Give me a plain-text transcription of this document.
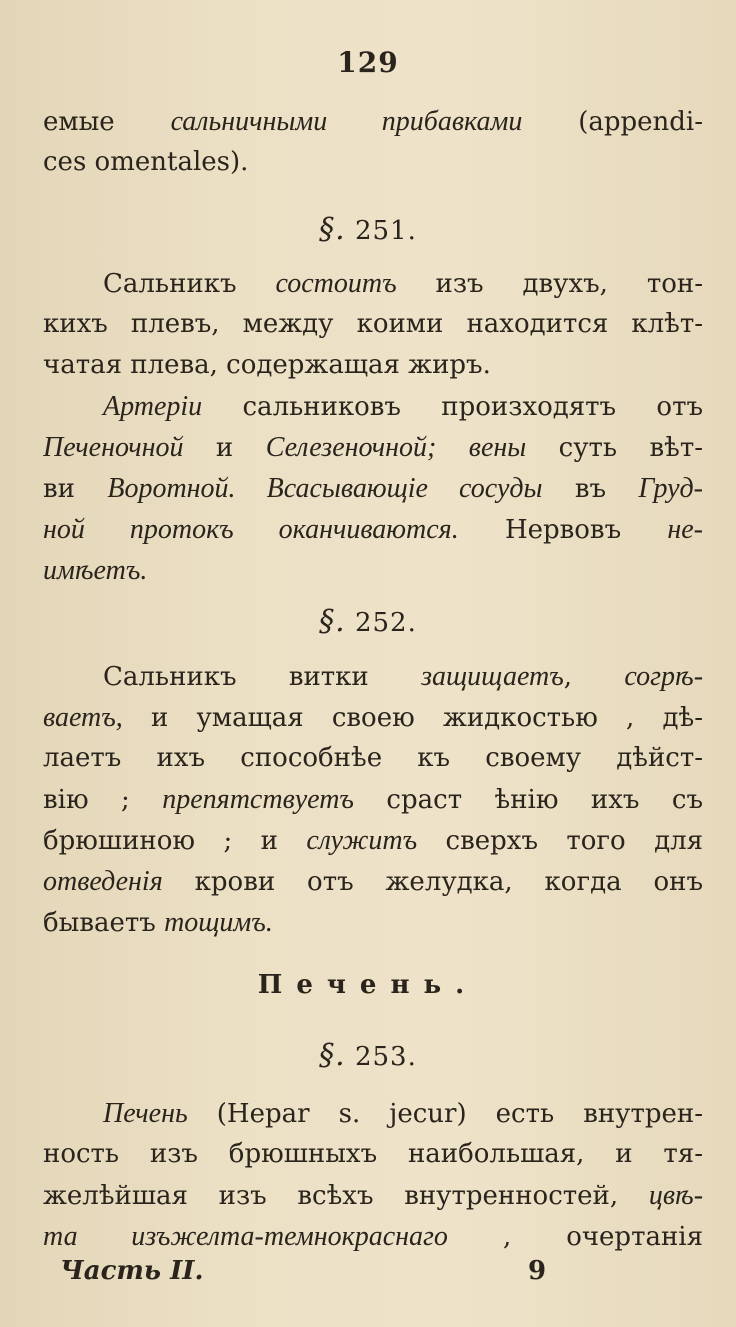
129
емые сальничными прибавками (appendi-
ces omentales).
§. 251.
Сальникъ состоитъ изъ двухъ, тон-
кихъ плевъ, между коими находится клѣт-
чатая плева, содержащая жиръ.
Артерiи сальниковъ произходятъ отъ
Печеночной и Селезеночной; вены суть вѣт-
ви Воротной. Всасывающiе сосуды въ Груд-
ной протокъ оканчиваются. Нервовъ не-
имѣетъ.
§. 252.
Сальникъ витки защищаетъ, согрѣ-
ваетъ, и умащая своею жидкостью , дѣ-
лаетъ ихъ способнѣе къ своему дѣйст-
вiю ; препятствуетъ сраст ѣнiю ихъ съ
брюшиною ; и служитъ сверхъ того для
отведенiя крови отъ желудка, когда онъ
бываетъ тощимъ.
Печень.
§. 253.
Печень (Hepar s. jecur) есть внутрен-
ность изъ брюшныхъ наибольшая, и тя-
желѣйшая изъ всѣхъ внутренностей, цвѣ-
та изъжелта-темнокраснаго , очертанiя
Часть II.	9
